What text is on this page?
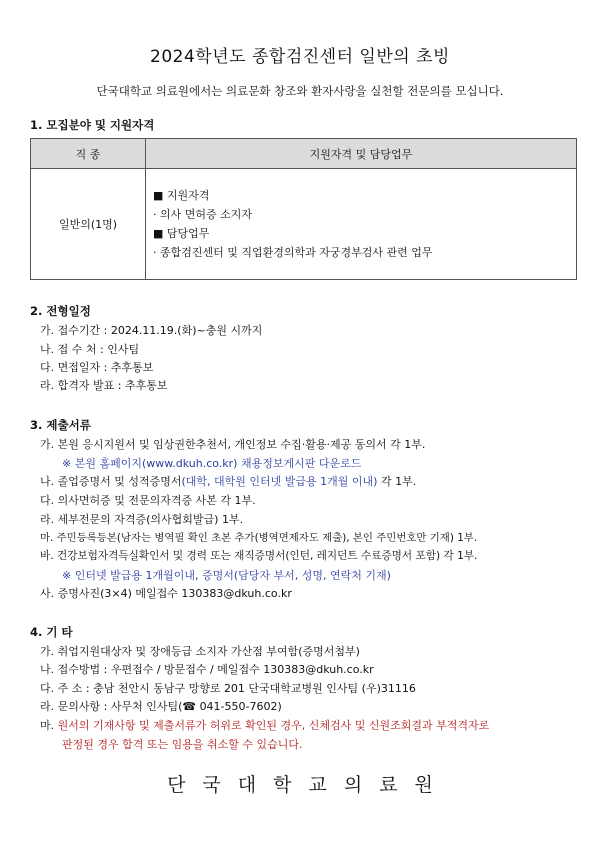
2024학년도 종합검진센터 일반의 초빙
단국대학교 의료원에서는 의료문화 창조와 환자사랑을 실천할 전문의를 모십니다.
1. 모집분야 및 지원자격
직 종	지원자격 및 담당업무
일반의(1명)	■ 지원자격
· 의사 면허증 소지자
■ 담당업무
· 종합검진센터 및 직업환경의학과 자궁경부검사 관련 업무
2. 전형일정
가. 접수기간 : 2024.11.19.(화)~충원 시까지
나. 접 수 처 : 인사팀
다. 면접일자 : 추후통보
라. 합격자 발표 : 추후통보
3. 제출서류
가. 본원 응시지원서 및 임상권한추천서, 개인정보 수집·활용·제공 동의서 각 1부.
※ 본원 홈페이지(www.dkuh.co.kr) 채용정보게시판 다운로드
나. 졸업증명서 및 성적증명서(대학, 대학원 인터넷 발급용 1개월 이내) 각 1부.
다. 의사면허증 및 전문의자격증 사본 각 1부.
라. 세부전문의 자격증(의사협회발급) 1부.
마. 주민등록등본(남자는 병역필 확인 초본 추가(병역면제자도 제출), 본인 주민번호만 기재) 1부.
바. 건강보험자격득실확인서 및 경력 또는 재직증명서(인턴, 레지던트 수료증명서 포함) 각 1부.
※ 인터넷 발급용 1개월이내, 증명서(담당자 부서, 성명, 연락처 기재)
사. 증명사진(3×4) 메일접수 130383@dkuh.co.kr
4. 기 타
가. 취업지원대상자 및 장애등급 소지자 가산점 부여함(증명서첨부)
나. 접수방법 : 우편접수 / 방문접수 / 메일접수 130383@dkuh.co.kr
다. 주 소 : 충남 천안시 동남구 망향로 201 단국대학교병원 인사팀 (우)31116
라. 문의사항 : 사무처 인사팀(☎ 041-550-7602)
마. 원서의 기재사항 및 제출서류가 허위로 확인된 경우, 신체검사 및 신원조회결과 부적격자로
판정된 경우 합격 또는 임용을 취소할 수 있습니다.
단국대학교의료원
